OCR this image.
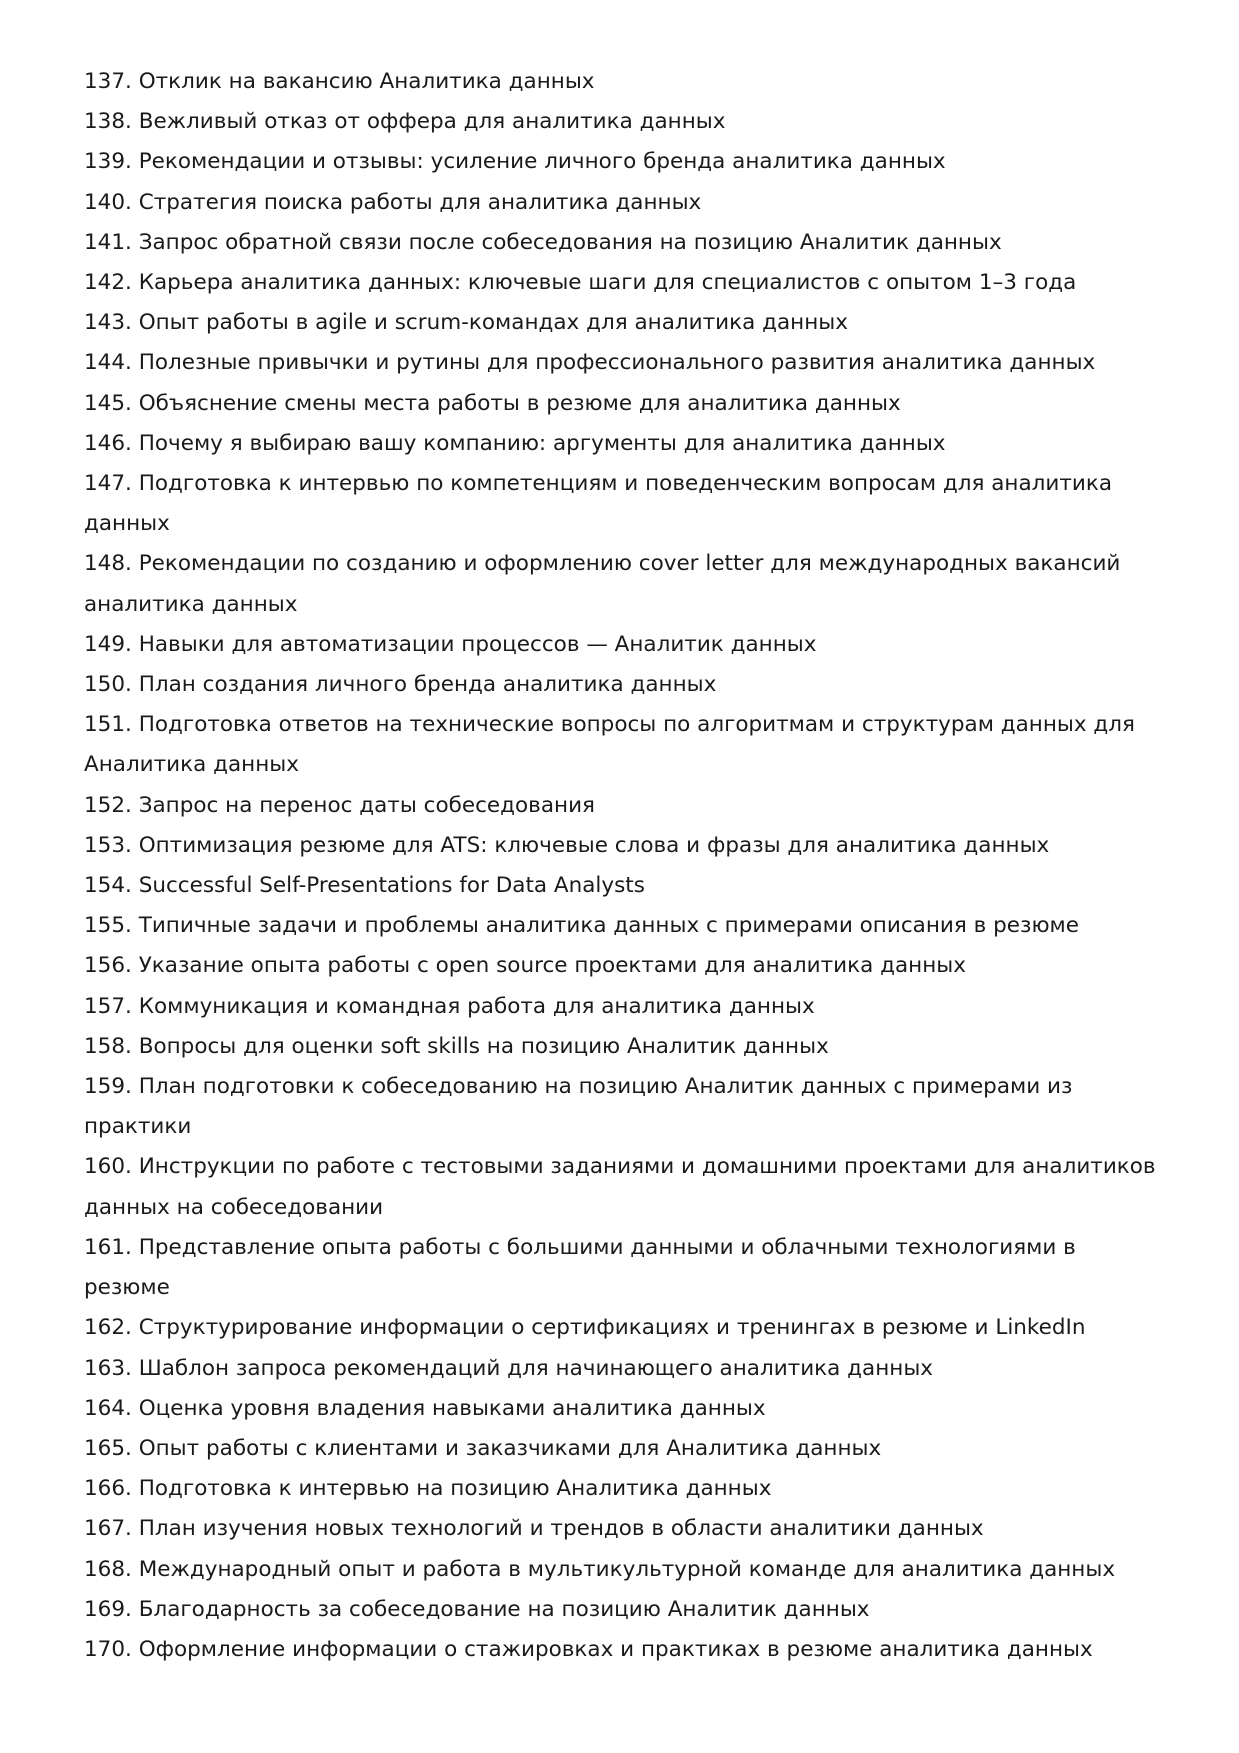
137. Отклик на вакансию Аналитика данных

138. Вежливый отказ от оффера для аналитика данных

139. Рекомендации и отзывы: усиление личного бренда аналитика данных

140. Стратегия поиска работы для аналитика данных

141. Запрос обратной связи после собеседования на позицию Аналитик данных

142. Карьера аналитика данных: ключевые шаги для специалистов с опытом 1–3 года

143. Опыт работы в agile и scrum-командах для аналитика данных

144. Полезные привычки и рутины для профессионального развития аналитика данных

145. Объяснение смены места работы в резюме для аналитика данных

146. Почему я выбираю вашу компанию: аргументы для аналитика данных

147. Подготовка к интервью по компетенциям и поведенческим вопросам для аналитика данных

148. Рекомендации по созданию и оформлению cover letter для международных вакансий аналитика данных

149. Навыки для автоматизации процессов — Аналитик данных

150. План создания личного бренда аналитика данных

151. Подготовка ответов на технические вопросы по алгоритмам и структурам данных для Аналитика данных

152. Запрос на перенос даты собеседования

153. Оптимизация резюме для ATS: ключевые слова и фразы для аналитика данных

154. Successful Self-Presentations for Data Analysts

155. Типичные задачи и проблемы аналитика данных с примерами описания в резюме

156. Указание опыта работы с open source проектами для аналитика данных

157. Коммуникация и командная работа для аналитика данных

158. Вопросы для оценки soft skills на позицию Аналитик данных

159. План подготовки к собеседованию на позицию Аналитик данных с примерами из практики

160. Инструкции по работе с тестовыми заданиями и домашними проектами для аналитиков данных на собеседовании

161. Представление опыта работы с большими данными и облачными технологиями в резюме

162. Структурирование информации о сертификациях и тренингах в резюме и LinkedIn

163. Шаблон запроса рекомендаций для начинающего аналитика данных

164. Оценка уровня владения навыками аналитика данных

165. Опыт работы с клиентами и заказчиками для Аналитика данных

166. Подготовка к интервью на позицию Аналитика данных

167. План изучения новых технологий и трендов в области аналитики данных

168. Международный опыт и работа в мультикультурной команде для аналитика данных

169. Благодарность за собеседование на позицию Аналитик данных

170. Оформление информации о стажировках и практиках в резюме аналитика данных
